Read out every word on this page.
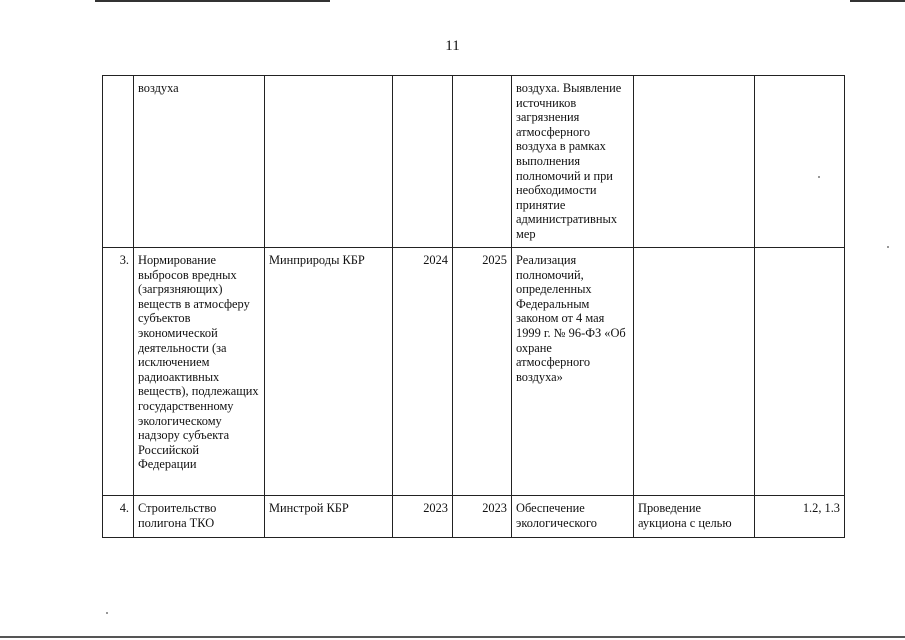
11
	воздуха				воздуха. Выявление источников загрязнения атмосферного воздуха в рамках выполнения полномочий и при необходимости принятие административных мер		
3.	Нормирование выбросов вредных (загрязняющих) веществ в атмосферу субъектов экономической деятельности (за исключением радиоактивных веществ), подлежащих государственному экологическому надзору субъекта Российской Федерации	Минприроды КБР	2024	2025	Реализация полномочий, определенных Федеральным законом от 4 мая 1999 г. № 96-ФЗ «Об охране атмосферного воздуха»		
4.	Строительство полигона ТКО	Минстрой КБР	2023	2023	Обеспечение экологического	Проведение аукциона с целью	1.2, 1.3
